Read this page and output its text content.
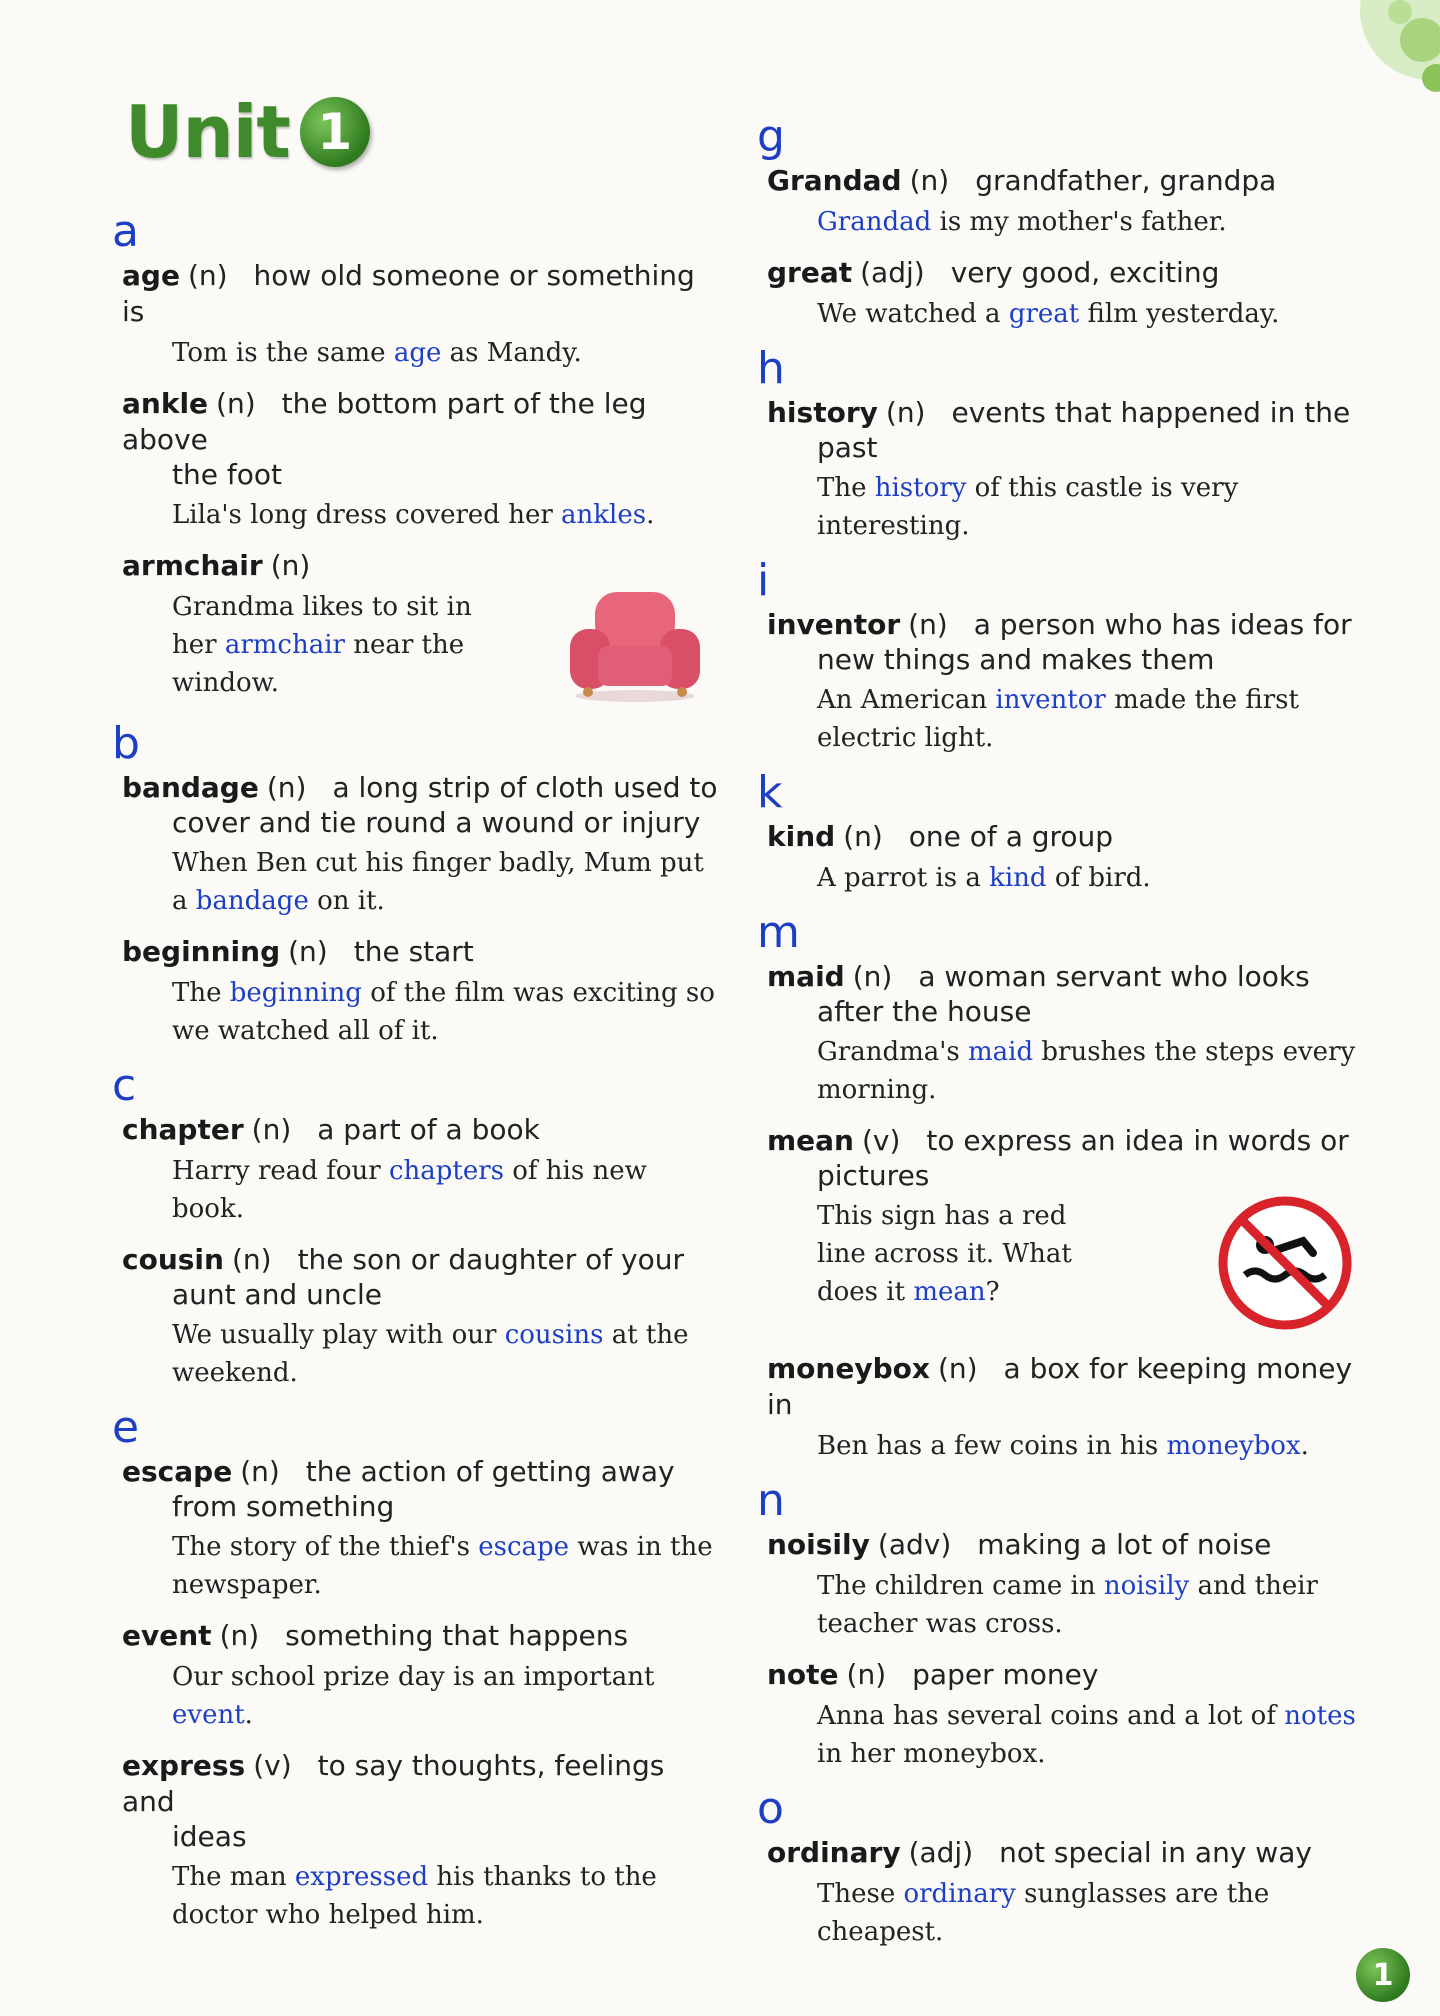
Unit 1
a
age (n) how old someone or something is
Tom is the same age as Mandy.
ankle (n) the bottom part of the leg above
the foot
Lila's long dress covered her ankles.
armchair (n)
Grandma likes to sit in her armchair near the window.
b
bandage (n) a long strip of cloth used to
cover and tie round a wound or injury
When Ben cut his finger badly, Mum put a bandage on it.
beginning (n) the start
The beginning of the film was exciting so we watched all of it.
c
chapter (n) a part of a book
Harry read four chapters of his new book.
cousin (n) the son or daughter of your
aunt and uncle
We usually play with our cousins at the weekend.
e
escape (n) the action of getting away
from something
The story of the thief's escape was in the newspaper.
event (n) something that happens
Our school prize day is an important event.
express (v) to say thoughts, feelings and
ideas
The man expressed his thanks to the doctor who helped him.
g
Grandad (n) grandfather, grandpa
Grandad is my mother's father.
great (adj) very good, exciting
We watched a great film yesterday.
h
history (n) events that happened in the
past
The history of this castle is very interesting.
i
inventor (n) a person who has ideas for
new things and makes them
An American inventor made the first electric light.
k
kind (n) one of a group
A parrot is a kind of bird.
m
maid (n) a woman servant who looks
after the house
Grandma's maid brushes the steps every morning.
mean (v) to express an idea in words or
pictures
This sign has a red line across it. What does it mean?
moneybox (n) a box for keeping money in
Ben has a few coins in his moneybox.
n
noisily (adv) making a lot of noise
The children came in noisily and their teacher was cross.
note (n) paper money
Anna has several coins and a lot of notes in her moneybox.
o
ordinary (adj) not special in any way
These ordinary sunglasses are the cheapest.
1
